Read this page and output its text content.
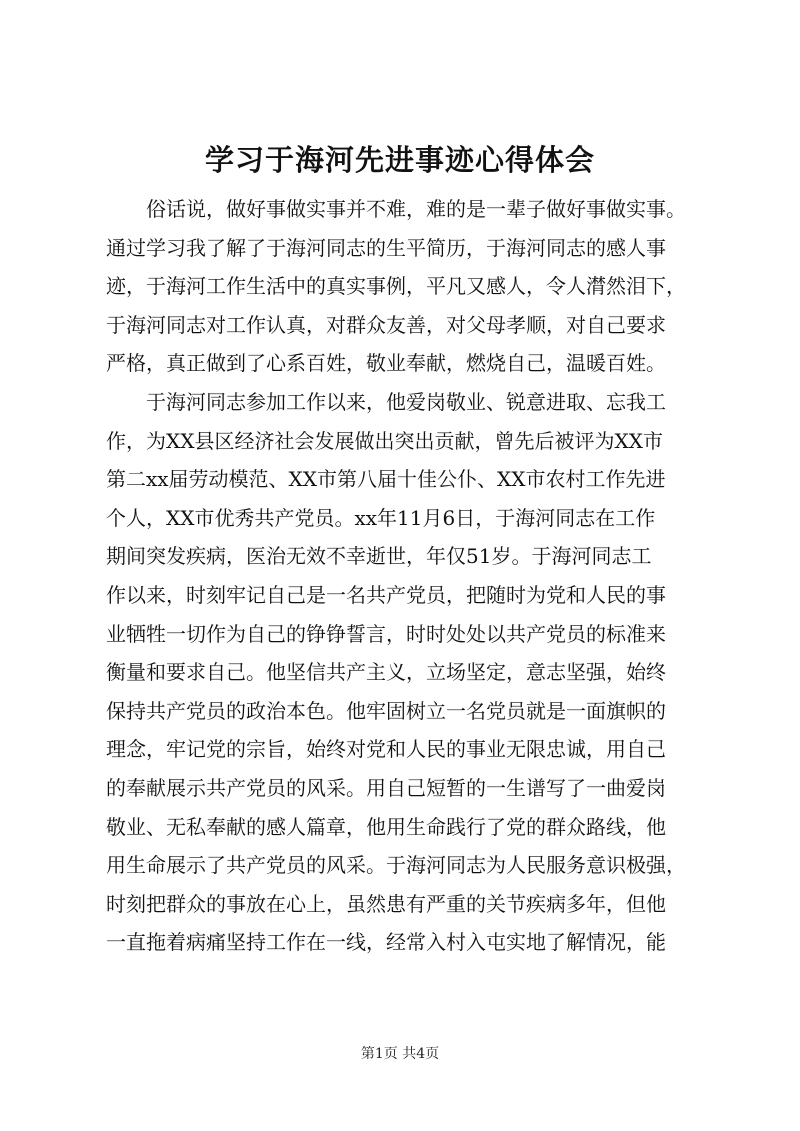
学习于海河先进事迹心得体会
俗话说，做好事做实事并不难，难的是一辈子做好事做实事。
通过学习我了解了于海河同志的生平简历，于海河同志的感人事
迹，于海河工作生活中的真实事例，平凡又感人，令人潸然泪下，
于海河同志对工作认真，对群众友善，对父母孝顺，对自己要求
严格，真正做到了心系百姓，敬业奉献，燃烧自己，温暖百姓。
于海河同志参加工作以来，他爱岗敬业、锐意进取、忘我工
作，为XX县区经济社会发展做出突出贡献，曾先后被评为XX市
第二xx届劳动模范、XX市第八届十佳公仆、XX市农村工作先进
个人，XX市优秀共产党员。xx年11月6日，于海河同志在工作
期间突发疾病，医治无效不幸逝世，年仅51岁。于海河同志工
作以来，时刻牢记自己是一名共产党员，把随时为党和人民的事
业牺牲一切作为自己的铮铮誓言，时时处处以共产党员的标准来
衡量和要求自己。他坚信共产主义，立场坚定，意志坚强，始终
保持共产党员的政治本色。他牢固树立一名党员就是一面旗帜的
理念，牢记党的宗旨，始终对党和人民的事业无限忠诚，用自己
的奉献展示共产党员的风采。用自己短暂的一生谱写了一曲爱岗
敬业、无私奉献的感人篇章，他用生命践行了党的群众路线，他
用生命展示了共产党员的风采。于海河同志为人民服务意识极强，
时刻把群众的事放在心上，虽然患有严重的关节疾病多年，但他
一直拖着病痛坚持工作在一线，经常入村入屯实地了解情况，能
第1页 共4页
